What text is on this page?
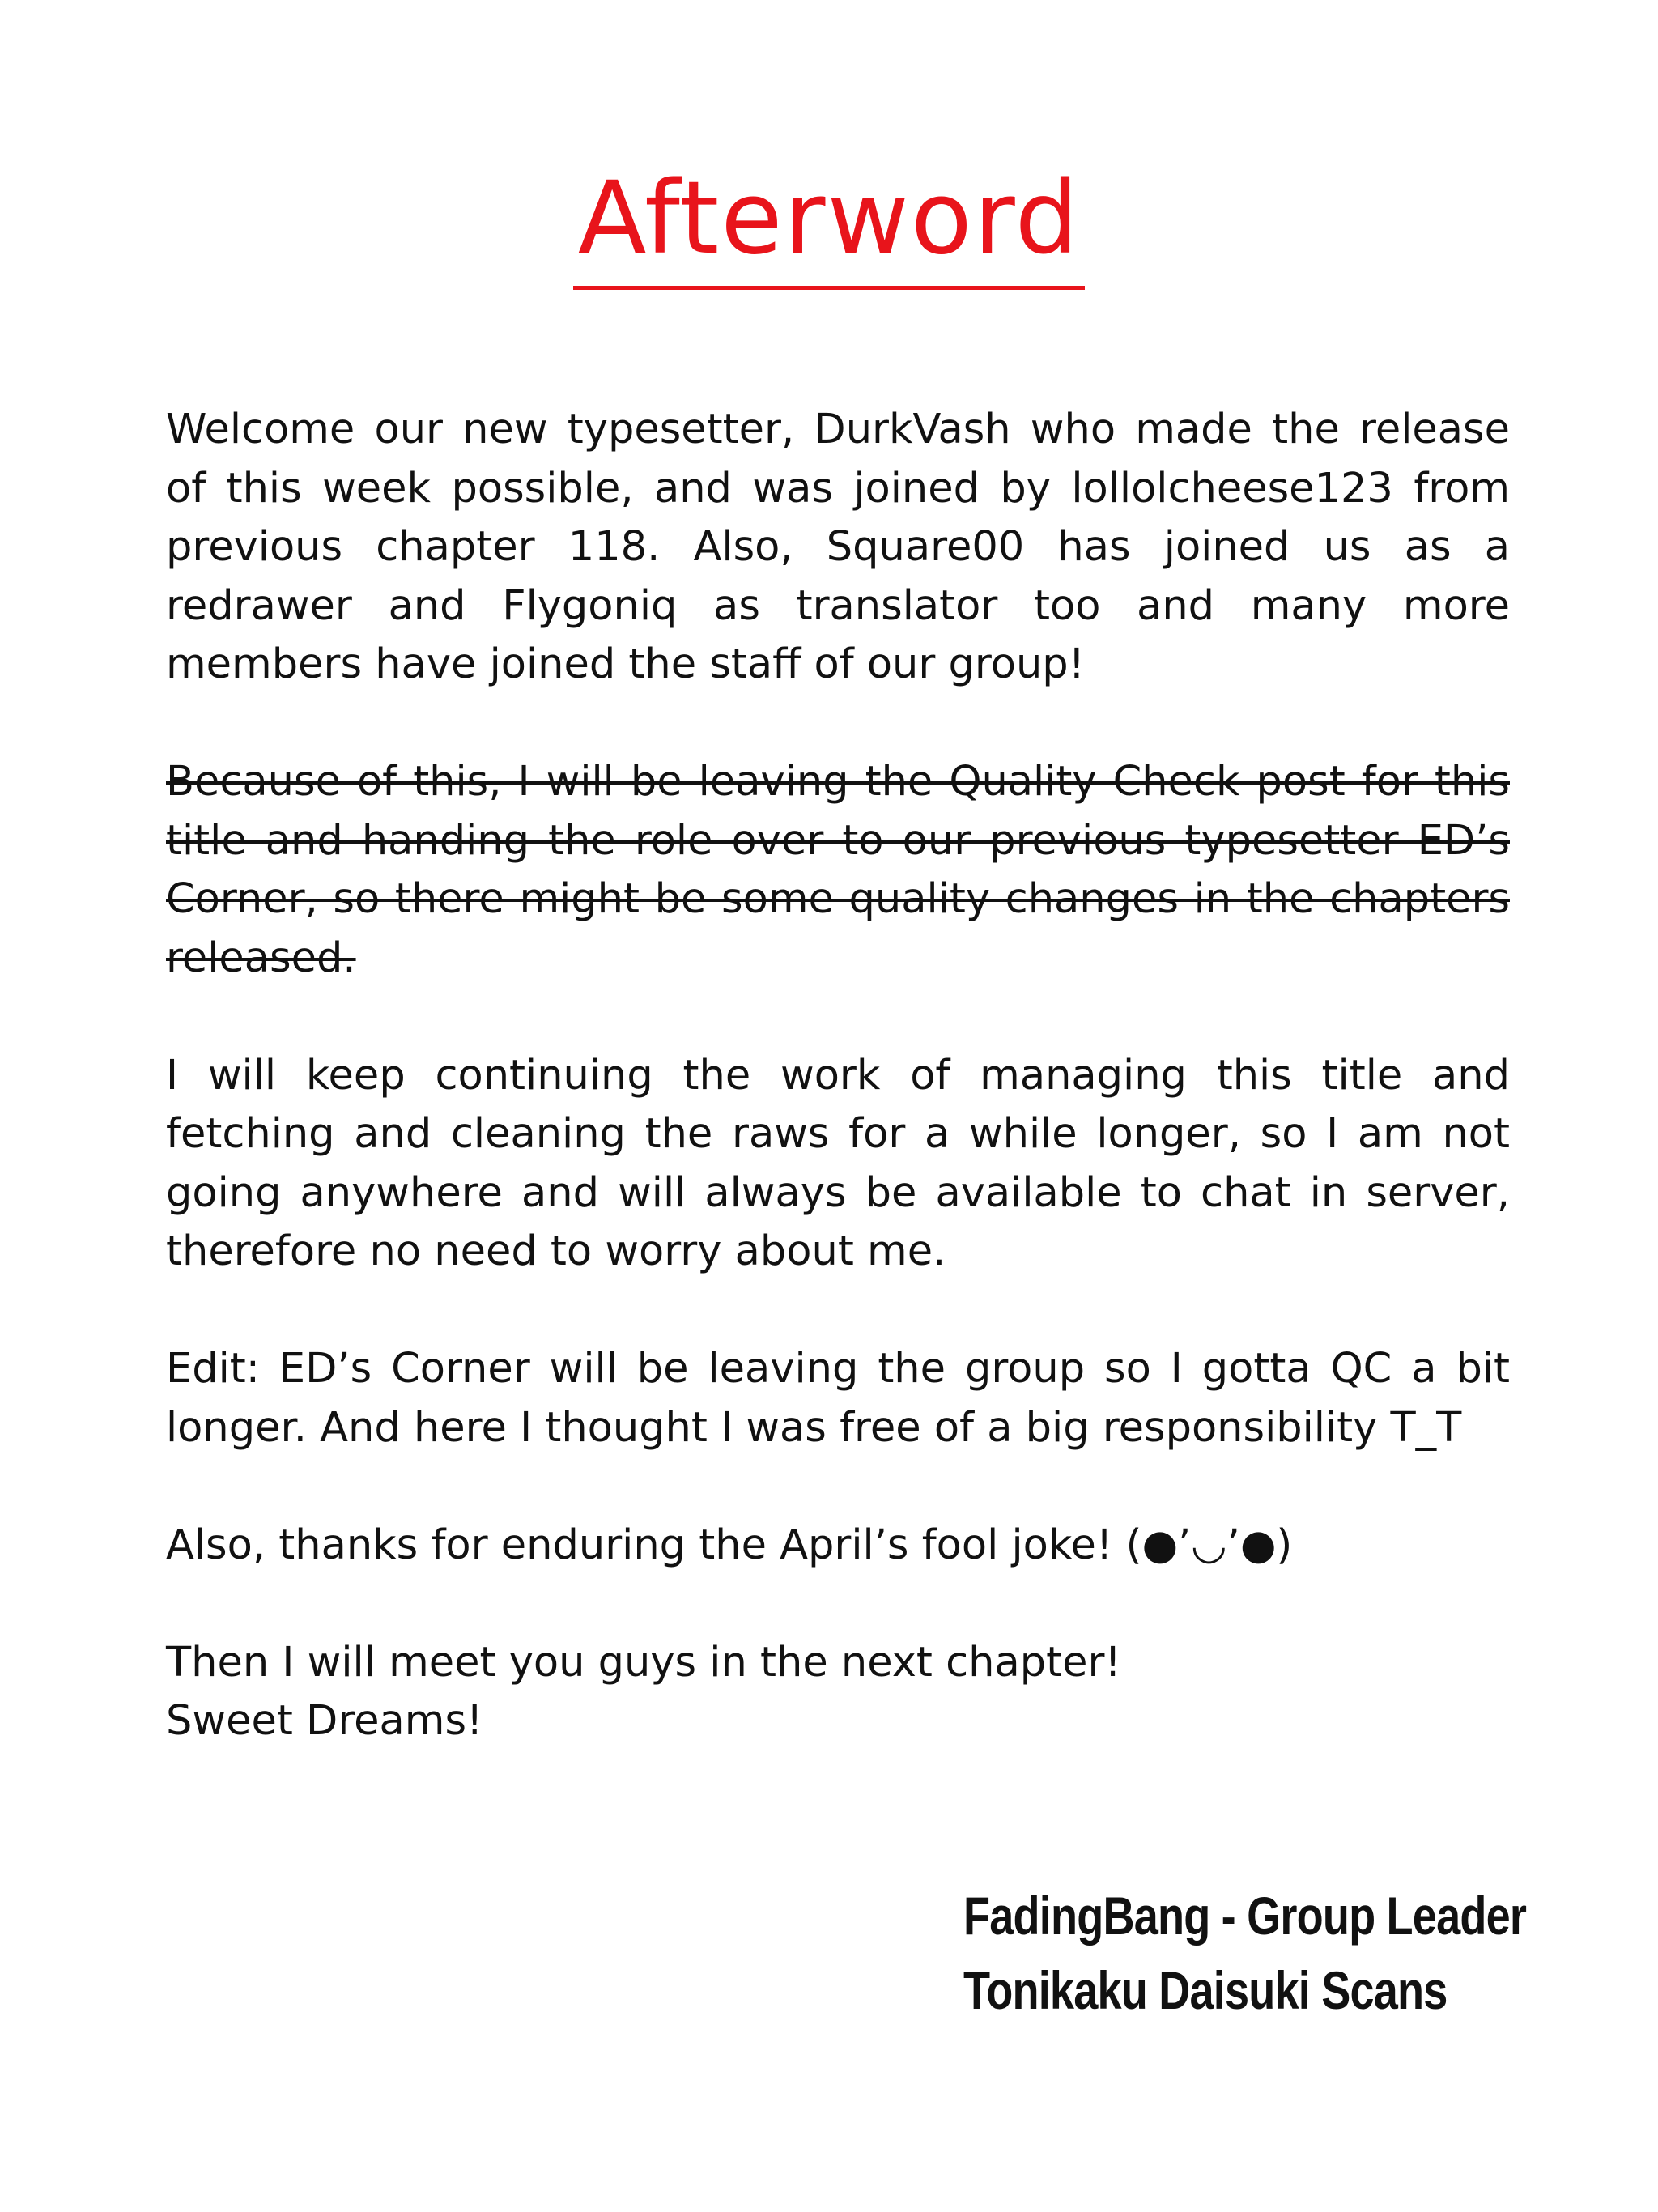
Afterword

Welcome our new typesetter, DurkVash who made the release of this week possible, and was joined by lollolcheese123 from previous chapter 118. Also, Square00 has joined us as a redrawer and Flygoniq as translator too and many more members have joined the staff of our group!

Because of this, I will be leaving the Quality Check post for this title and handing the role over to our previous typesetter ED’s Corner, so there might be some quality changes in the chapters released.

I will keep continuing the work of managing this title and fetching and cleaning the raws for a while longer, so I am not going anywhere and will always be available to chat in server, therefore no need to worry about me.

Edit: ED’s Corner will be leaving the group so I gotta QC a bit longer. And here I thought I was free of a big responsibility T_T

Also, thanks for enduring the April’s fool joke! (●’◡’●)

Then I will meet you guys in the next chapter!
Sweet Dreams!

FadingBang - Group Leader
Tonikaku Daisuki Scans
